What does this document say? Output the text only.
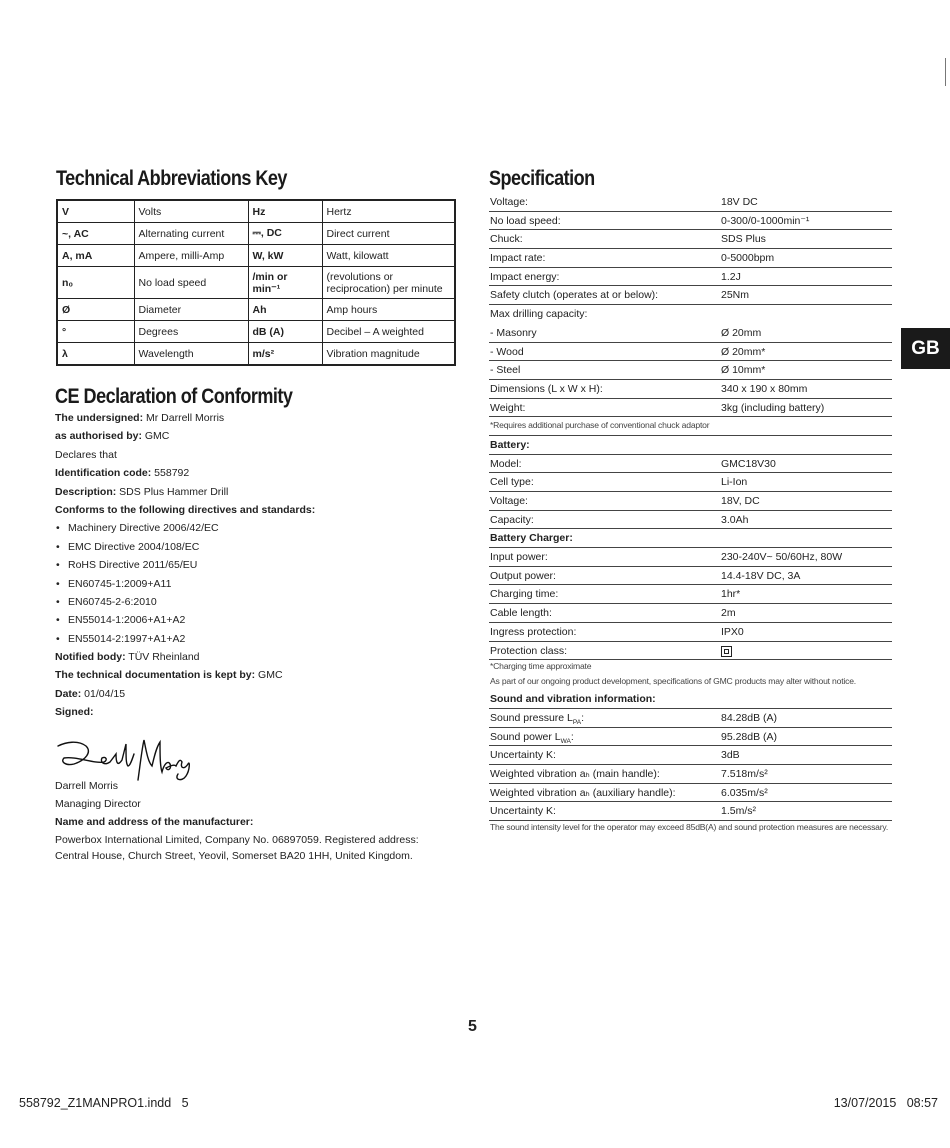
Technical Abbreviations Key
V	Volts	Hz	Hertz
~, AC	Alternating current	⎓, DC	Direct current
A, mA	Ampere, milli-Amp	W, kW	Watt, kilowatt
n₀	No load speed	/min or min⁻¹	(revolutions or reciprocation) per minute
Ø	Diameter	Ah	Amp hours
°	Degrees	dB (A)	Decibel – A weighted
λ	Wavelength	m/s²	Vibration magnitude
CE Declaration of Conformity
The undersigned: Mr Darrell Morris
as authorised by: GMC
Declares that
Identification code: 558792
Description: SDS Plus Hammer Drill
Conforms to the following directives and standards:
• Machinery Directive 2006/42/EC
• EMC Directive 2004/108/EC
• RoHS Directive 2011/65/EU
• EN60745-1:2009+A11
• EN60745-2-6:2010
• EN55014-1:2006+A1+A2
• EN55014-2:1997+A1+A2
Notified body: TÜV Rheinland
The technical documentation is kept by: GMC
Date: 01/04/15
Signed:
Darrell Morris
Managing Director
Name and address of the manufacturer:
Powerbox International Limited, Company No. 06897059. Registered address:
Central House, Church Street, Yeovil, Somerset BA20 1HH, United Kingdom.
Specification
Voltage:	18V DC
No load speed:	0-300/0-1000min⁻¹
Chuck:	SDS Plus
Impact rate:	0-5000bpm
Impact energy:	1.2J
Safety clutch (operates at or below):	25Nm
Max drilling capacity:
- Masonry	Ø 20mm
- Wood	Ø 20mm*
- Steel	Ø 10mm*
Dimensions (L x W x H):	340 x 190 x 80mm
Weight:	3kg (including battery)
*Requires additional purchase of conventional chuck adaptor
Battery:
Model:	GMC18V30
Cell type:	Li-Ion
Voltage:	18V, DC
Capacity:	3.0Ah
Battery Charger:
Input power:	230-240V~ 50/60Hz, 80W
Output power:	14.4-18V DC, 3A
Charging time:	1hr*
Cable length:	2m
Ingress protection:	IPX0
Protection class:
*Charging time approximate
As part of our ongoing product development, specifications of GMC products may alter without notice.
Sound and vibration information:
Sound pressure $L_{PA}$:	84.28dB (A)
Sound power $L_{WA}$:	95.28dB (A)
Uncertainty K:	3dB
Weighted vibration aₕ (main handle):	7.518m/s²
Weighted vibration aₕ (auxiliary handle):	6.035m/s²
Uncertainty K:	1.5m/s²
The sound intensity level for the operator may exceed 85dB(A) and sound protection measures are necessary.
GB
5
558792_Z1MANPRO1.indd   5	13/07/2015   08:57
